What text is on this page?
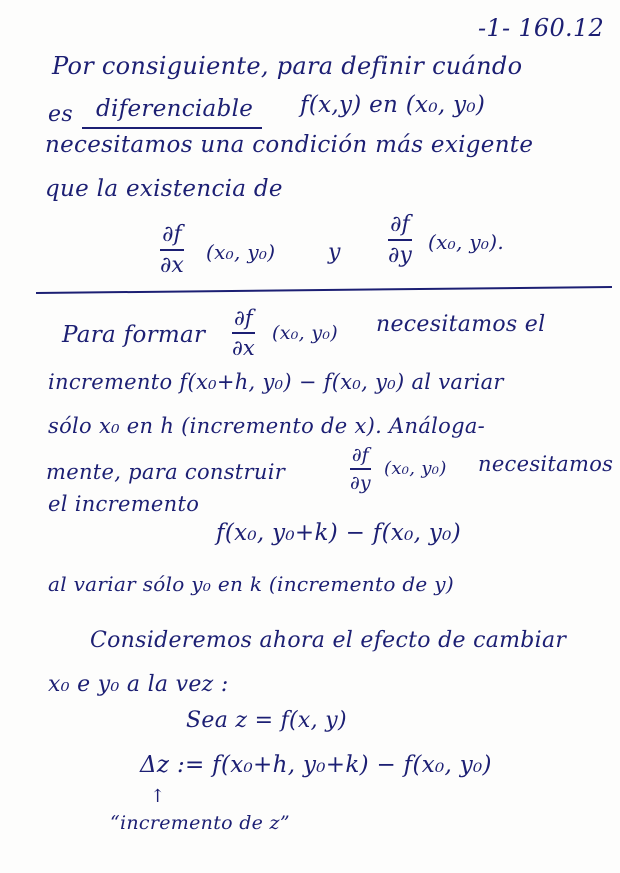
-1- 160.12
Por consiguiente, para definir cuándo
es diferenciable f(x,y) en (x₀, y₀)
necesitamos una condición más exigente
que la existencia de
∂f
∂x
(x₀, y₀) y
∂f
∂y
(x₀, y₀).
Para formar
∂f
∂x
(x₀, y₀) necesitamos el
incremento f(x₀+h, y₀) − f(x₀, y₀) al variar
sólo x₀ en h (incremento de x). Análoga-
mente, para construir
∂f
∂y
(x₀, y₀) necesitamos
el incremento
f(x₀, y₀+k) − f(x₀, y₀)
al variar sólo y₀ en k (incremento de y)
Consideremos ahora el efecto de cambiar
x₀ e y₀ a la vez :
Sea z = f(x, y)
Δz := f(x₀+h, y₀+k) − f(x₀, y₀)
↑
“incremento de z”
